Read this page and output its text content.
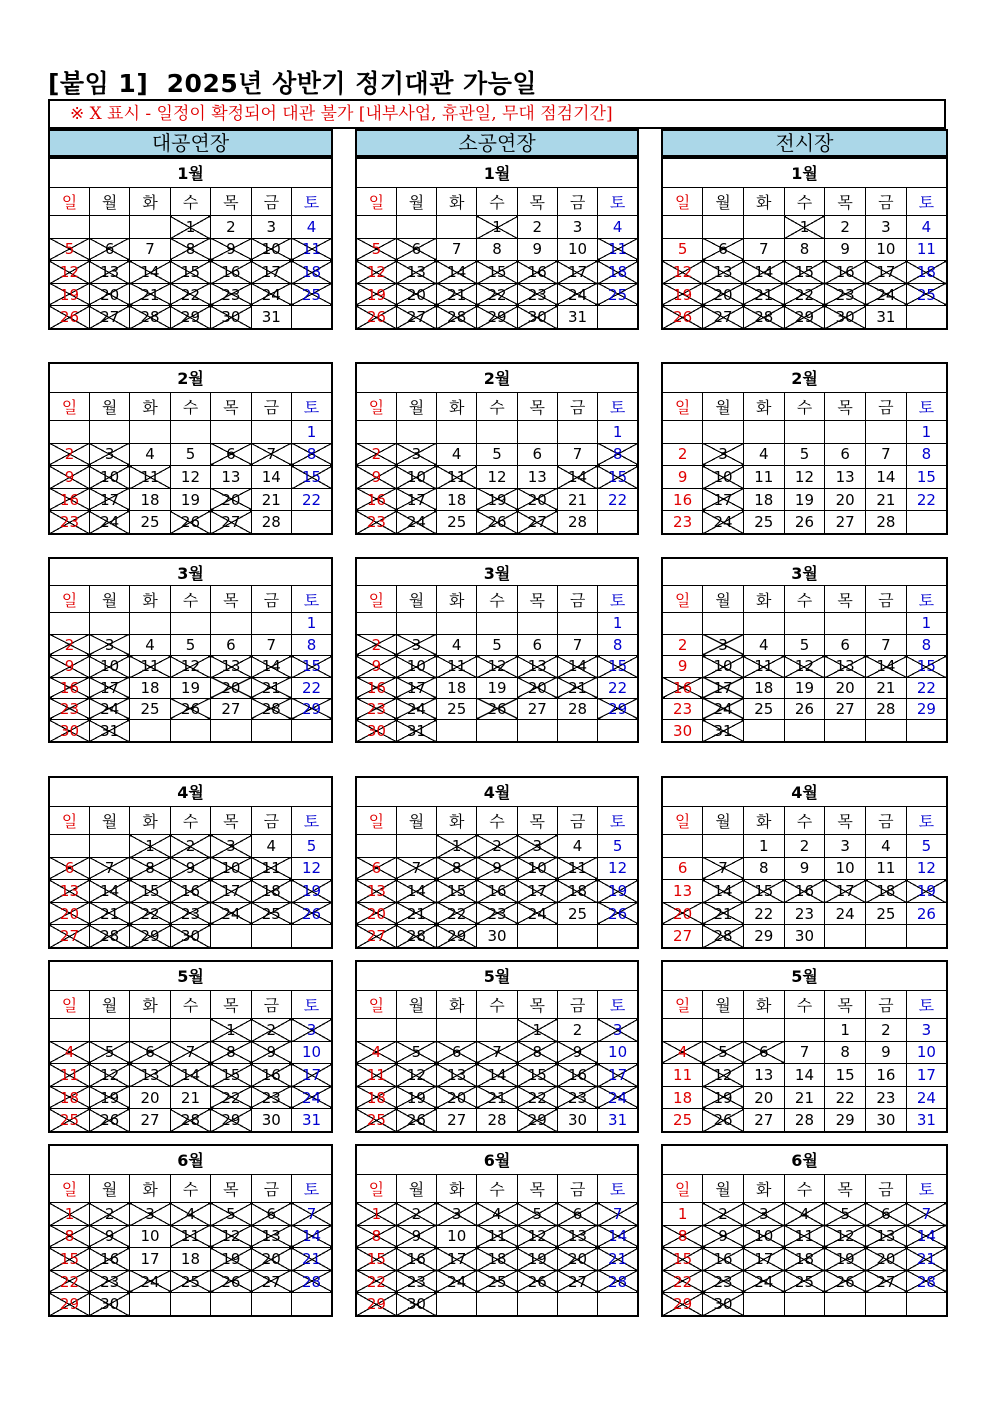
[붙임 1]  2025년 상반기 정기대관 가능일
※ X 표시 - 일정이 확정되어 대관 불가 [내부사업, 휴관일, 무대 점검기간]
대공연장	소공연장	전시장
1월						
일	월	화	수	목	금	토
			1	2	3	4
5	6	7	8	9	10	11
12	13	14	15	16	17	18
19	20	21	22	23	24	25
26	27	28	29	30	31	
2월						
일	월	화	수	목	금	토
						1
2	3	4	5	6	7	8
9	10	11	12	13	14	15
16	17	18	19	20	21	22
23	24	25	26	27	28	
3월						
일	월	화	수	목	금	토
						1
2	3	4	5	6	7	8
9	10	11	12	13	14	15
16	17	18	19	20	21	22
23	24	25	26	27	28	29
30	31					
4월						
일	월	화	수	목	금	토
		1	2	3	4	5
6	7	8	9	10	11	12
13	14	15	16	17	18	19
20	21	22	23	24	25	26
27	28	29	30			
5월						
일	월	화	수	목	금	토
				1	2	3
4	5	6	7	8	9	10
11	12	13	14	15	16	17
18	19	20	21	22	23	24
25	26	27	28	29	30	31
6월						
일	월	화	수	목	금	토
1	2	3	4	5	6	7
8	9	10	11	12	13	14
15	16	17	18	19	20	21
22	23	24	25	26	27	28
29	30					
1월						
일	월	화	수	목	금	토
			1	2	3	4
5	6	7	8	9	10	11
12	13	14	15	16	17	18
19	20	21	22	23	24	25
26	27	28	29	30	31	
2월						
일	월	화	수	목	금	토
						1
2	3	4	5	6	7	8
9	10	11	12	13	14	15
16	17	18	19	20	21	22
23	24	25	26	27	28	
3월						
일	월	화	수	목	금	토
						1
2	3	4	5	6	7	8
9	10	11	12	13	14	15
16	17	18	19	20	21	22
23	24	25	26	27	28	29
30	31					
4월						
일	월	화	수	목	금	토
		1	2	3	4	5
6	7	8	9	10	11	12
13	14	15	16	17	18	19
20	21	22	23	24	25	26
27	28	29	30			
5월						
일	월	화	수	목	금	토
				1	2	3
4	5	6	7	8	9	10
11	12	13	14	15	16	17
18	19	20	21	22	23	24
25	26	27	28	29	30	31
6월						
일	월	화	수	목	금	토
1	2	3	4	5	6	7
8	9	10	11	12	13	14
15	16	17	18	19	20	21
22	23	24	25	26	27	28
29	30					
1월						
일	월	화	수	목	금	토
			1	2	3	4
5	6	7	8	9	10	11
12	13	14	15	16	17	18
19	20	21	22	23	24	25
26	27	28	29	30	31	
2월						
일	월	화	수	목	금	토
						1
2	3	4	5	6	7	8
9	10	11	12	13	14	15
16	17	18	19	20	21	22
23	24	25	26	27	28	
3월						
일	월	화	수	목	금	토
						1
2	3	4	5	6	7	8
9	10	11	12	13	14	15
16	17	18	19	20	21	22
23	24	25	26	27	28	29
30	31					
4월						
일	월	화	수	목	금	토
		1	2	3	4	5
6	7	8	9	10	11	12
13	14	15	16	17	18	19
20	21	22	23	24	25	26
27	28	29	30			
5월						
일	월	화	수	목	금	토
				1	2	3
4	5	6	7	8	9	10
11	12	13	14	15	16	17
18	19	20	21	22	23	24
25	26	27	28	29	30	31
6월						
일	월	화	수	목	금	토
1	2	3	4	5	6	7
8	9	10	11	12	13	14
15	16	17	18	19	20	21
22	23	24	25	26	27	28
29	30					
